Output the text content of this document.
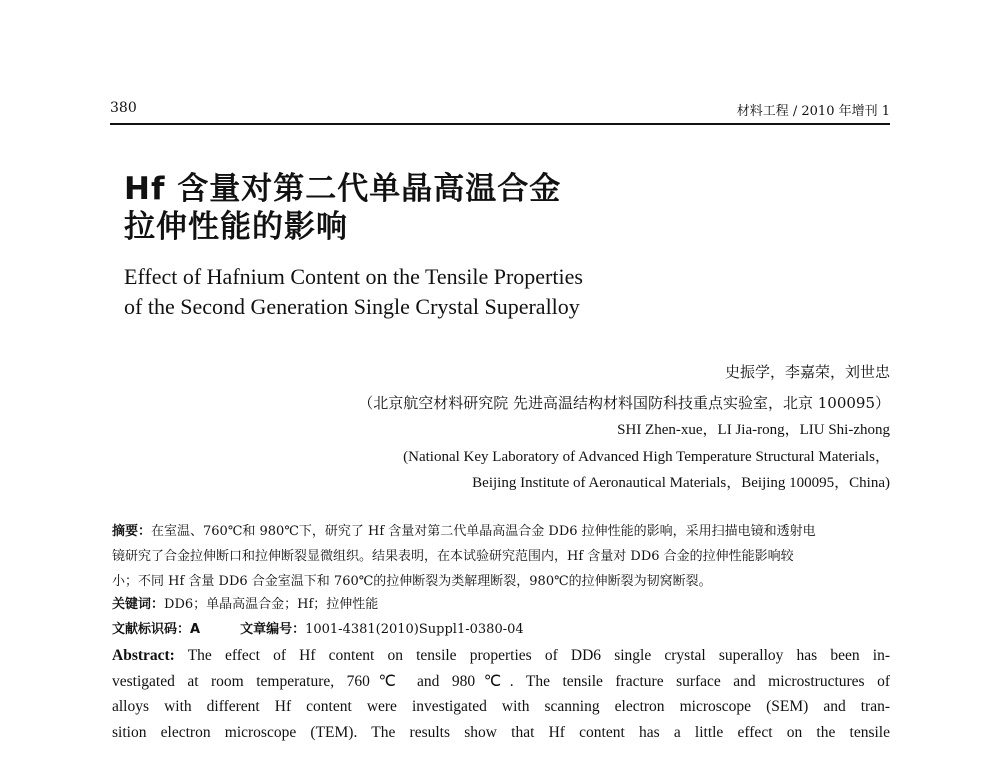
380	材料工程 / 2010 年增刊 1
Hf 含量对第二代单晶高温合金
拉伸性能的影响
Effect of Hafnium Content on the Tensile Properties
of the Second Generation Single Crystal Superalloy
史振学，李嘉荣，刘世忠
（北京航空材料研究院 先进高温结构材料国防科技重点实验室，北京 100095）
SHI Zhen-xue，LI Jia-rong，LIU Shi-zhong
(National Key Laboratory of Advanced High Temperature Structural Materials，
Beijing Institute of Aeronautical Materials，Beijing 100095，China)
摘要：在室温、760℃和 980℃下，研究了 Hf 含量对第二代单晶高温合金 DD6 拉伸性能的影响，采用扫描电镜和透射电
镜研究了合金拉伸断口和拉伸断裂显微组织。结果表明，在本试验研究范围内，Hf 含量对 DD6 合金的拉伸性能影响较
小；不同 Hf 含量 DD6 合金室温下和 760℃的拉伸断裂为类解理断裂，980℃的拉伸断裂为韧窝断裂。
关键词：DD6；单晶高温合金；Hf；拉伸性能
文献标识码：A	文章编号：1001-4381(2010)Suppl1-0380-04
Abstract: The effect of Hf content on tensile properties of DD6 single crystal superalloy has been in-
vestigated at room temperature, 760℃ and 980℃. The tensile fracture surface and microstructures of
alloys with different Hf content were investigated with scanning electron microscope (SEM) and tran-
sition electron microscope (TEM). The results show that Hf content has a little effect on the tensile
